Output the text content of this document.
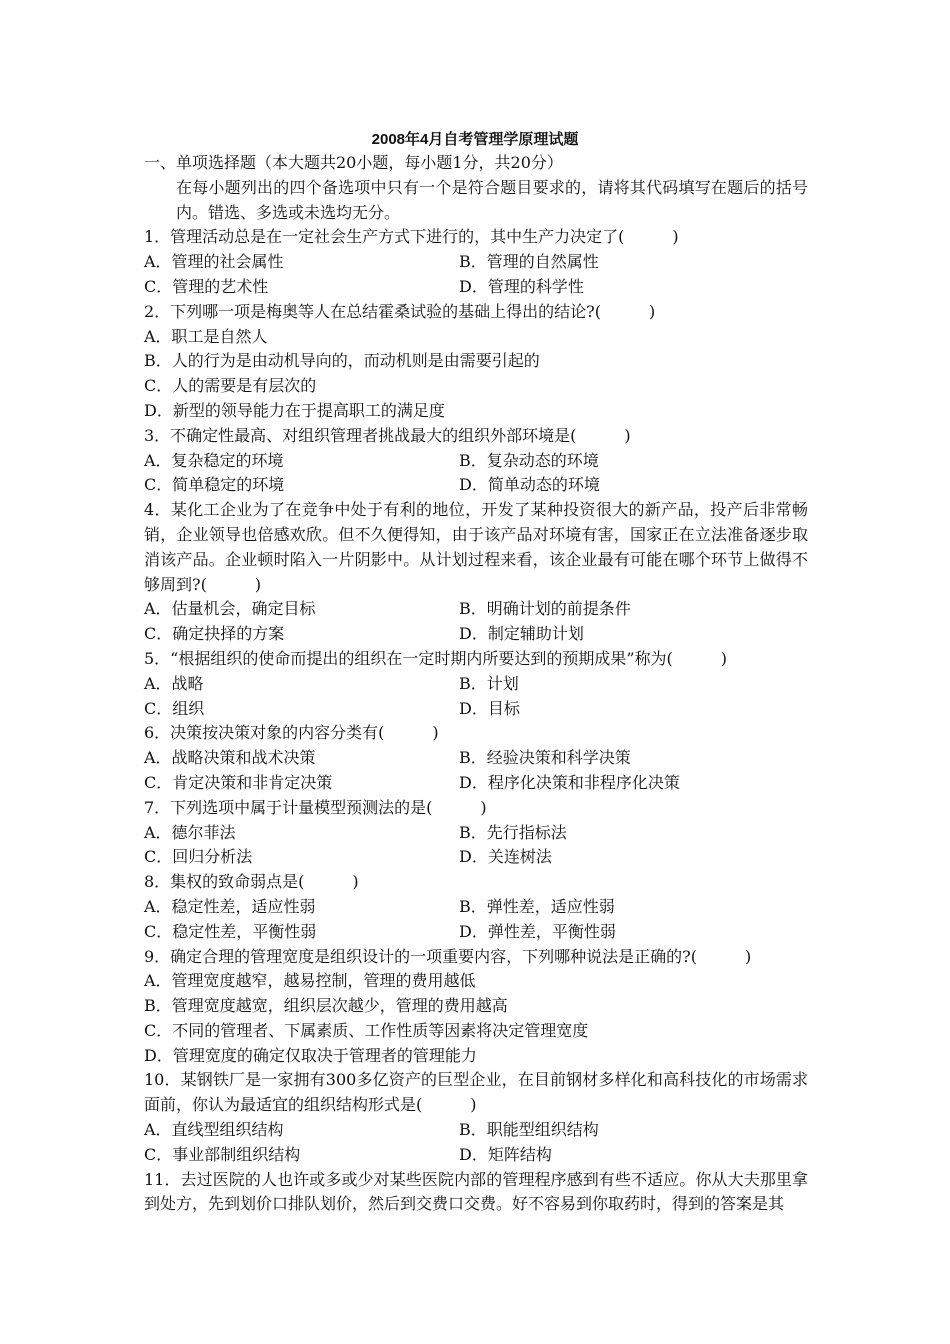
2008年4月自考管理学原理试题
一、单项选择题（本大题共20小题，每小题1分，共20分）
在每小题列出的四个备选项中只有一个是符合题目要求的，请将其代码填写在题后的括号内。错选、多选或未选均无分。
1．管理活动总是在一定社会生产方式下进行的，其中生产力决定了(　　　)
A．管理的社会属性	B．管理的自然属性
C．管理的艺术性	D．管理的科学性
2．下列哪一项是梅奥等人在总结霍桑试验的基础上得出的结论?(　　　)
A．职工是自然人
B．人的行为是由动机导向的，而动机则是由需要引起的
C．人的需要是有层次的
D．新型的领导能力在于提高职工的满足度
3．不确定性最高、对组织管理者挑战最大的组织外部环境是(　　　)
A．复杂稳定的环境	B．复杂动态的环境
C．简单稳定的环境	D．简单动态的环境
4．某化工企业为了在竞争中处于有利的地位，开发了某种投资很大的新产品，投产后非常畅销，企业领导也倍感欢欣。但不久便得知，由于该产品对环境有害，国家正在立法准备逐步取消该产品。企业顿时陷入一片阴影中。从计划过程来看，该企业最有可能在哪个环节上做得不够周到?(　　　)
A．估量机会，确定目标	B．明确计划的前提条件
C．确定抉择的方案	D．制定辅助计划
5．“根据组织的使命而提出的组织在一定时期内所要达到的预期成果”称为(　　　)
A．战略	B．计划
C．组织	D．目标
6．决策按决策对象的内容分类有(　　　)
A．战略决策和战术决策	B．经验决策和科学决策
C．肯定决策和非肯定决策	D．程序化决策和非程序化决策
7．下列选项中属于计量模型预测法的是(　　　)
A．德尔菲法	B．先行指标法
C．回归分析法	D．关连树法
8．集权的致命弱点是(　　　)
A．稳定性差，适应性弱	B．弹性差，适应性弱
C．稳定性差，平衡性弱	D．弹性差，平衡性弱
9．确定合理的管理宽度是组织设计的一项重要内容，下列哪种说法是正确的?(　　　)
A．管理宽度越窄，越易控制，管理的费用越低
B．管理宽度越宽，组织层次越少，管理的费用越高
C．不同的管理者、下属素质、工作性质等因素将决定管理宽度
D．管理宽度的确定仅取决于管理者的管理能力
10．某钢铁厂是一家拥有300多亿资产的巨型企业，在目前钢材多样化和高科技化的市场需求面前，你认为最适宜的组织结构形式是(　　　)
A．直线型组织结构	B．职能型组织结构
C．事业部制组织结构	D．矩阵结构
11．去过医院的人也许或多或少对某些医院内部的管理程序感到有些不适应。你从大夫那里拿到处方，先到划价口排队划价，然后到交费口交费。好不容易到你取药时，得到的答案是其
